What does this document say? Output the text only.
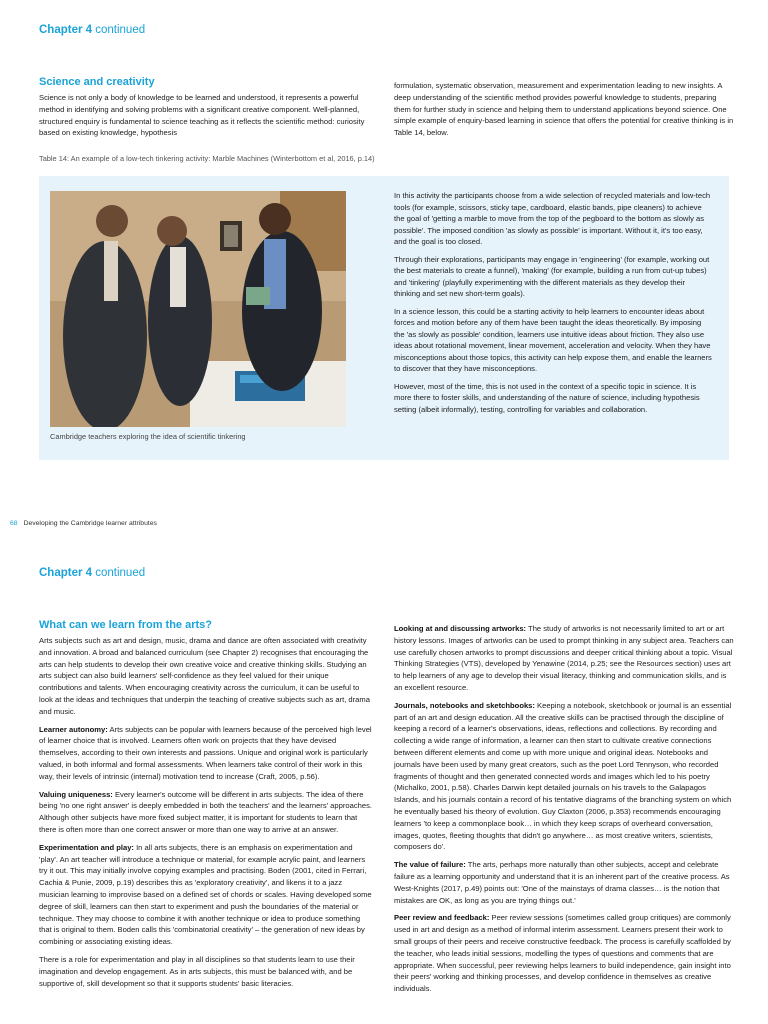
Chapter 4 continued
Science and creativity

Science is not only a body of knowledge to be learned and understood, it represents a powerful method in identifying and solving problems with a significant creative component. Well-planned, structured enquiry is fundamental to science teaching as it reflects the scientific method: curiosity based on existing knowledge, hypothesis

formulation, systematic observation, measurement and experimentation leading to new insights. A deep understanding of the scientific method provides powerful knowledge to students, preparing them for further study in science and helping them to understand applications beyond science. One simple example of enquiry-based learning in science that offers the potential for creative thinking is in Table 14, below.

Table 14: An example of a low-tech tinkering activity: Marble Machines (Winterbottom et al, 2016, p.14)
Cambridge teachers exploring the idea of scientific tinkering

In this activity the participants choose from a wide selection of recycled materials and low-tech tools (for example, scissors, sticky tape, cardboard, elastic bands, pipe cleaners) to achieve the goal of 'getting a marble to move from the top of the pegboard to the bottom as slowly as possible'. The imposed condition 'as slowly as possible' is important. Without it, it's too easy, and the goal is too closed.

Through their explorations, participants may engage in 'engineering' (for example, working out the best materials to create a funnel), 'making' (for example, building a run from cut-up tubes) and 'tinkering' (playfully experimenting with the different materials as they develop their thinking and set new short-term goals).

In a science lesson, this could be a starting activity to help learners to encounter ideas about forces and motion before any of them have been taught the ideas theoretically. By imposing the 'as slowly as possible' condition, learners use intuitive ideas about friction. They also use ideas about rotational movement, linear movement, acceleration and velocity. When they have misconceptions about those topics, this activity can help expose them, and enable the learners to discover that they have misconceptions.

However, most of the time, this is not used in the context of a specific topic in science. It is more there to foster skills, and understanding of the nature of science, including hypothesis setting (albeit informally), testing, controlling for variables and collaboration.

68 Developing the Cambridge learner attributes
Chapter 4 continued
What can we learn from the arts?

Arts subjects such as art and design, music, drama and dance are often associated with creativity and innovation. A broad and balanced curriculum (see Chapter 2) recognises that encouraging the arts can help students to develop their own creative voice and creative thinking skills. Studying an arts subject can also build learners' self-confidence as they feel valued for their unique contributions and talents. When encouraging creativity across the curriculum, it can be useful to look at the ideas and techniques that underpin the teaching of creative subjects such as art, drama and music.

Learner autonomy: Arts subjects can be popular with learners because of the perceived high level of learner choice that is involved. Learners often work on projects that they have devised themselves, according to their own interests and passions. Unique and original work is particularly valued, in both informal and formal assessments. When learners take control of their work in this way, their levels of intrinsic (internal) motivation tend to increase (Craft, 2005, p.56).

Valuing uniqueness: Every learner's outcome will be different in arts subjects. The idea of there being 'no one right answer' is deeply embedded in both the teachers' and the learners' approaches. Although other subjects have more fixed subject matter, it is important for students to learn that there is often more than one correct answer or more than one way to arrive at an answer.

Experimentation and play: In all arts subjects, there is an emphasis on experimentation and 'play'. An art teacher will introduce a technique or material, for example acrylic paint, and learners try it out. This may initially involve copying examples and practising. Boden (2001, cited in Ferrari, Cachia & Punie, 2009, p.19) describes this as 'exploratory creativity', and likens it to a jazz musician learning to improvise based on a defined set of chords or scales. Having developed some degree of skill, learners can then start to experiment and push the boundaries of the material or technique. They may choose to combine it with another technique or idea to produce something that is original to them. Boden calls this 'combinatorial creativity' – the generation of new ideas by combining or associating existing ideas.

There is a role for experimentation and play in all disciplines so that students learn to use their imagination and develop engagement. As in arts subjects, this must be balanced with, and be supportive of, skill development so that it supports students' basic literacies.

Looking at and discussing artworks: The study of artworks is not necessarily limited to art or art history lessons. Images of artworks can be used to prompt thinking in any subject area. Teachers can use carefully chosen artworks to prompt discussions and deeper critical thinking about a topic. Visual Thinking Strategies (VTS), developed by Yenawine (2014, p.25; see the Resources section) uses art to help learners of any age to develop their visual literacy, thinking and communication skills, and is an excellent resource.

Journals, notebooks and sketchbooks: Keeping a notebook, sketchbook or journal is an essential part of an art and design education. All the creative skills can be practised through the discipline of keeping a record of a learner's observations, ideas, reflections and collections. By recording and collecting a wide range of information, a learner can then start to cultivate creative connections between different elements and come up with more unique and original ideas. Notebooks and journals have been used by many great creators, such as the poet Lord Tennyson, who recorded fragments of thought and then generated connected words and images which led to his poetry (Michalko, 2001, p.58). Charles Darwin kept detailed journals on his travels to the Galapagos Islands, and his journals contain a record of his tentative diagrams of the branching system on which he eventually based his theory of evolution. Guy Claxton (2006, p.353) recommends encouraging learners 'to keep a commonplace book… in which they keep scraps of overheard conversation, images, quotes, fleeting thoughts that didn't go anywhere… as most creative writers, scientists, composers do'.

The value of failure: The arts, perhaps more naturally than other subjects, accept and celebrate failure as a learning opportunity and understand that it is an inherent part of the creative process. As West-Knights (2017, p.49) points out: 'One of the mainstays of drama classes… is the notion that mistakes are OK, as long as you are trying things out.'

Peer review and feedback: Peer review sessions (sometimes called group critiques) are commonly used in art and design as a method of informal interim assessment. Learners present their work to small groups of their peers and receive constructive feedback. The process is carefully scaffolded by the teacher, who leads initial sessions, modelling the types of questions and comments that are appropriate. When successful, peer reviewing helps learners to build independence, gain insight into their peers' working and thinking processes, and develop confidence in themselves as creative individuals.
